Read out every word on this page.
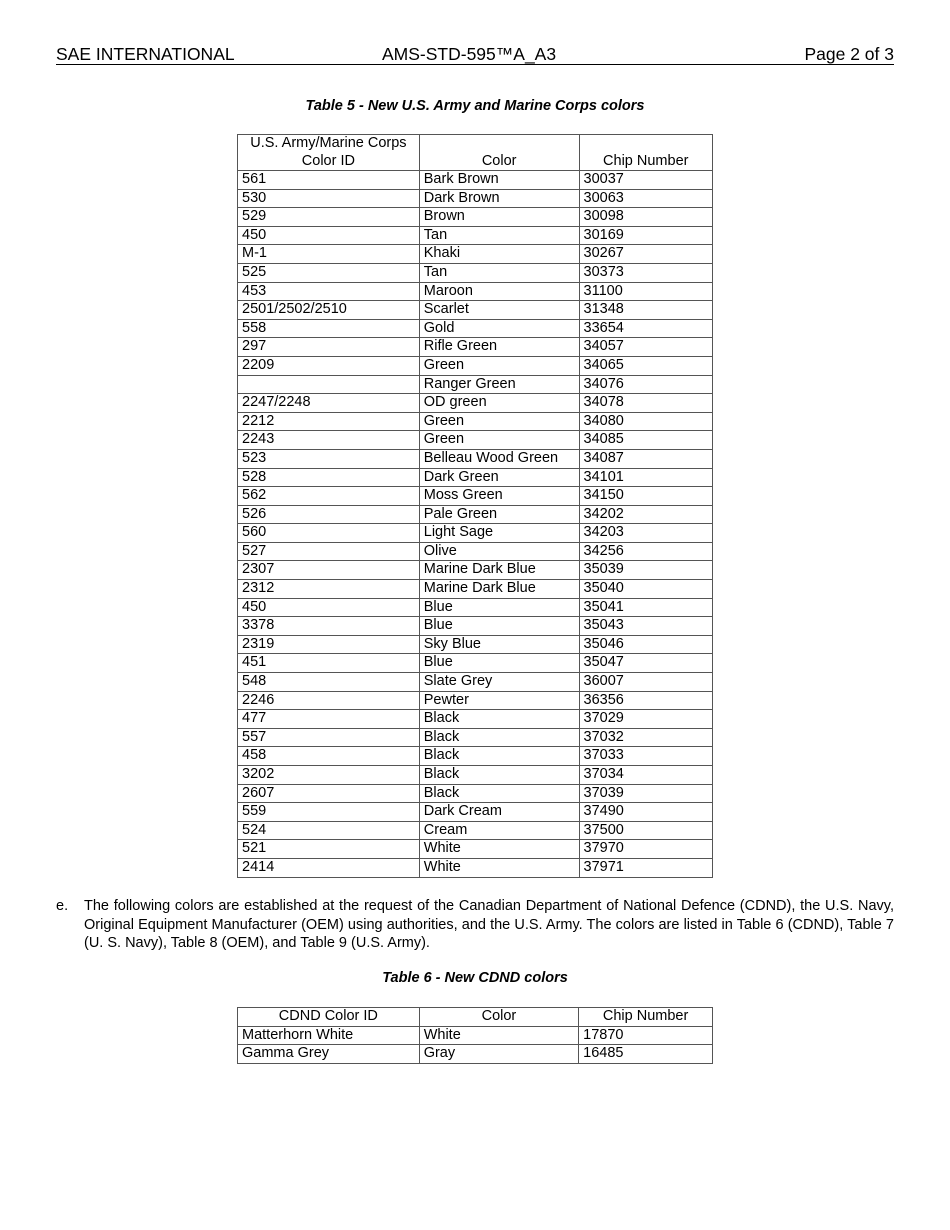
SAE INTERNATIONAL	AMS-STD-595™A_A3	Page 2 of 3
Table 5 - New U.S. Army and Marine Corps colors
U.S. Army/Marine Corps
Color ID	Color	Chip Number
561	Bark Brown	30037
530	Dark Brown	30063
529	Brown	30098
450	Tan	30169
M-1	Khaki	30267
525	Tan	30373
453	Maroon	31100
2501/2502/2510	Scarlet	31348
558	Gold	33654
297	Rifle Green	34057
2209	Green	34065
	Ranger Green	34076
2247/2248	OD green	34078
2212	Green	34080
2243	Green	34085
523	Belleau Wood Green	34087
528	Dark Green	34101
562	Moss Green	34150
526	Pale Green	34202
560	Light Sage	34203
527	Olive	34256
2307	Marine Dark Blue	35039
2312	Marine Dark Blue	35040
450	Blue	35041
3378	Blue	35043
2319	Sky Blue	35046
451	Blue	35047
548	Slate Grey	36007
2246	Pewter	36356
477	Black	37029
557	Black	37032
458	Black	37033
3202	Black	37034
2607	Black	37039
559	Dark Cream	37490
524	Cream	37500
521	White	37970
2414	White	37971
e. The following colors are established at the request of the Canadian Department of National Defence (CDND), the U.S. Navy, Original Equipment Manufacturer (OEM) using authorities, and the U.S. Army. The colors are listed in Table 6 (CDND), Table 7 (U. S. Navy), Table 8 (OEM), and Table 9 (U.S. Army).
Table 6 - New CDND colors
CDND Color ID	Color	Chip Number
Matterhorn White	White	17870
Gamma Grey	Gray	16485
